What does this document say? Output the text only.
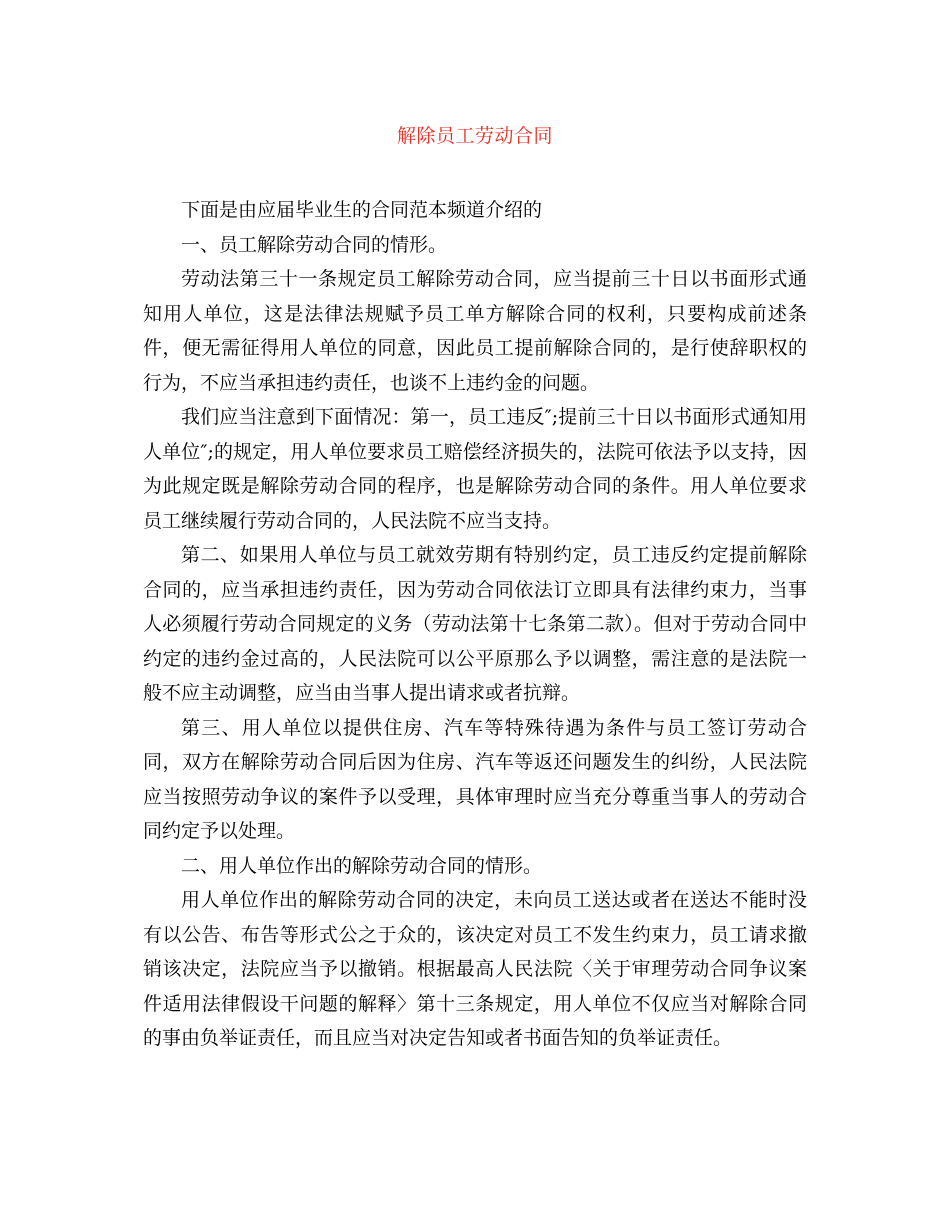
解除员工劳动合同

下面是由应届毕业生的合同范本频道介绍的

一、员工解除劳动合同的情形。

劳动法第三十一条规定员工解除劳动合同，应当提前三十日以书面形式通知用人单位，这是法律法规赋予员工单方解除合同的权利，只要构成前述条件，便无需征得用人单位的同意，因此员工提前解除合同的，是行使辞职权的行为，不应当承担违约责任，也谈不上违约金的问题。

我们应当注意到下面情况：第一，员工违反″;提前三十日以书面形式通知用人单位″;的规定，用人单位要求员工赔偿经济损失的，法院可依法予以支持，因为此规定既是解除劳动合同的程序，也是解除劳动合同的条件。用人单位要求员工继续履行劳动合同的，人民法院不应当支持。

第二、如果用人单位与员工就效劳期有特别约定，员工违反约定提前解除合同的，应当承担违约责任，因为劳动合同依法订立即具有法律约束力，当事人必须履行劳动合同规定的义务（劳动法第十七条第二款）。但对于劳动合同中约定的违约金过高的，人民法院可以公平原那么予以调整，需注意的是法院一般不应主动调整，应当由当事人提出请求或者抗辩。

第三、用人单位以提供住房、汽车等特殊待遇为条件与员工签订劳动合同，双方在解除劳动合同后因为住房、汽车等返还问题发生的纠纷，人民法院应当按照劳动争议的案件予以受理，具体审理时应当充分尊重当事人的劳动合同约定予以处理。

二、用人单位作出的解除劳动合同的情形。

用人单位作出的解除劳动合同的决定，未向员工送达或者在送达不能时没有以公告、布告等形式公之于众的，该决定对员工不发生约束力，员工请求撤销该决定，法院应当予以撤销。根据最高人民法院〈关于审理劳动合同争议案件适用法律假设干问题的解释〉第十三条规定，用人单位不仅应当对解除合同的事由负举证责任，而且应当对决定告知或者书面告知的负举证责任。
